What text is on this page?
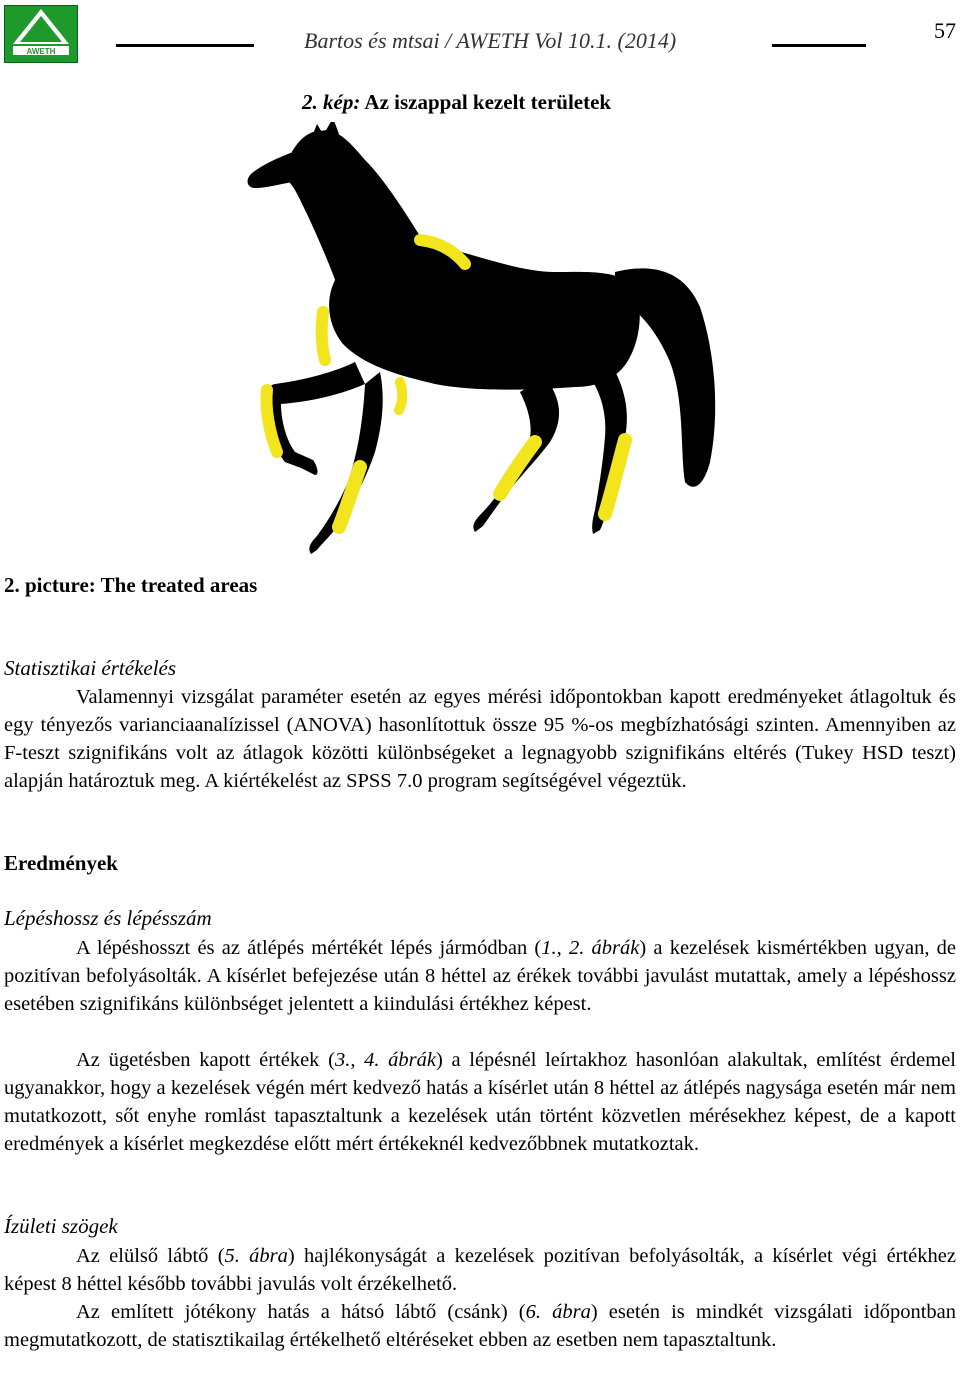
AWETH	Bartos és mtsai / AWETH Vol 10.1. (2014)	57
2. kép: Az iszappal kezelt területek
2. picture: The treated areas
Statisztikai értékelés
Valamennyi vizsgálat paraméter esetén az egyes mérési időpontokban kapott eredményeket átlagoltuk és egy tényezős varianciaanalízissel (ANOVA) hasonlítottuk össze 95 %-os megbízhatósági szinten. Amennyiben az F-teszt szignifikáns volt az átlagok közötti különbségeket a legnagyobb szignifikáns eltérés (Tukey HSD teszt) alapján határoztuk meg. A kiértékelést az SPSS 7.0 program segítségével végeztük.
Eredmények
Lépéshossz és lépésszám

A lépéshosszt és az átlépés mértékét lépés jármódban (1., 2. ábrák) a kezelések kismértékben ugyan, de pozitívan befolyásolták. A kísérlet befejezése után 8 héttel az érékek további javulást mutattak, amely a lépéshossz esetében szignifikáns különbséget jelentett a kiindulási értékhez képest.

Az ügetésben kapott értékek (3., 4. ábrák) a lépésnél leírtakhoz hasonlóan alakultak, említést érdemel ugyanakkor, hogy a kezelések végén mért kedvező hatás a kísérlet után 8 héttel az átlépés nagysága esetén már nem mutatkozott, sőt enyhe romlást tapasztaltunk a kezelések után történt közvetlen mérésekhez képest, de a kapott eredmények a kísérlet megkezdése előtt mért értékeknél kedvezőbbnek mutatkoztak.

Ízületi szögek

Az elülső lábtő (5. ábra) hajlékonyságát a kezelések pozitívan befolyásolták, a kísérlet végi értékhez képest 8 héttel később további javulás volt érzékelhető.

Az említett jótékony hatás a hátsó lábtő (csánk) (6. ábra) esetén is mindkét vizsgálati időpontban megmutatkozott, de statisztikailag értékelhető eltéréseket ebben az esetben nem tapasztaltunk.
